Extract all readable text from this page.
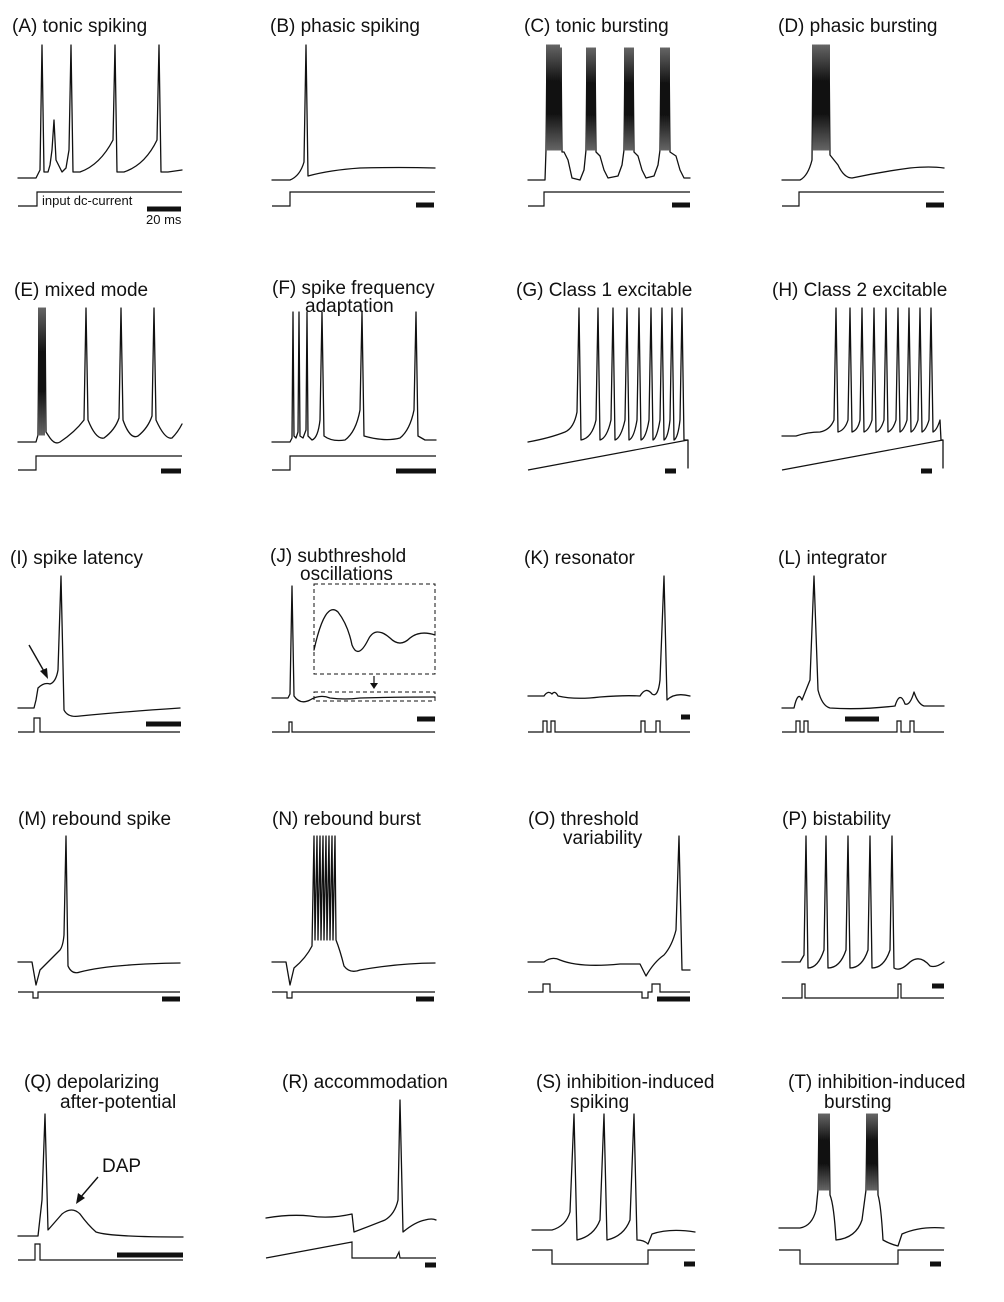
(A) tonic spiking
input dc-current
20 ms
(B) phasic spiking	(C) tonic bursting	(D) phasic bursting
(E) mixed mode	(F) spike frequency
adaptation
(G) Class 1 excitable	(H) Class 2 excitable
(I) spike latency	(J) subthreshold
oscillations
(K) resonator	(L) integrator
(M) rebound spike	(N) rebound burst	(O) threshold
variability
(P) bistability
(Q) depolarizing
after-potential
DAP
(R) accommodation	(S) inhibition-induced
spiking
(T) inhibition-induced
bursting
